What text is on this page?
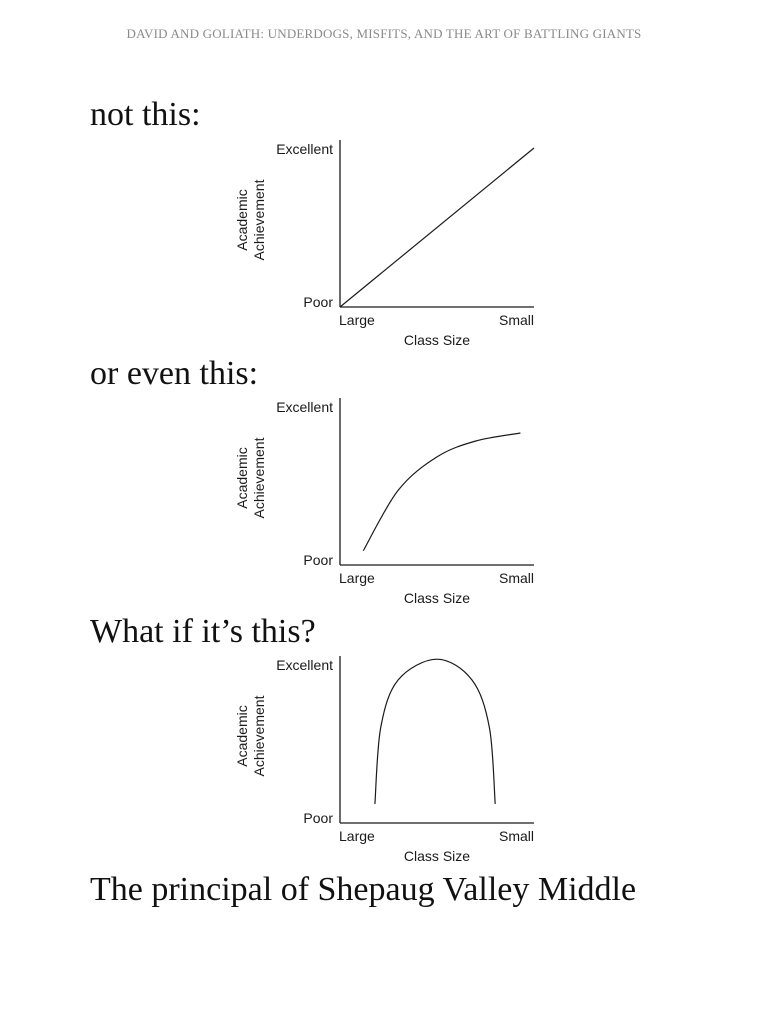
DAVID AND GOLIATH: UNDERDOGS, MISFITS, AND THE ART OF BATTLING GIANTS
not this:
Excellent
Poor
Large	Small
Class Size
Academic Achievement
or even this:
Excellent
Poor
Large	Small
Class Size
Academic Achievement
What if it’s this?
Excellent
Poor
Large	Small
Class Size
Academic Achievement
The principal of Shepaug Valley Middle
